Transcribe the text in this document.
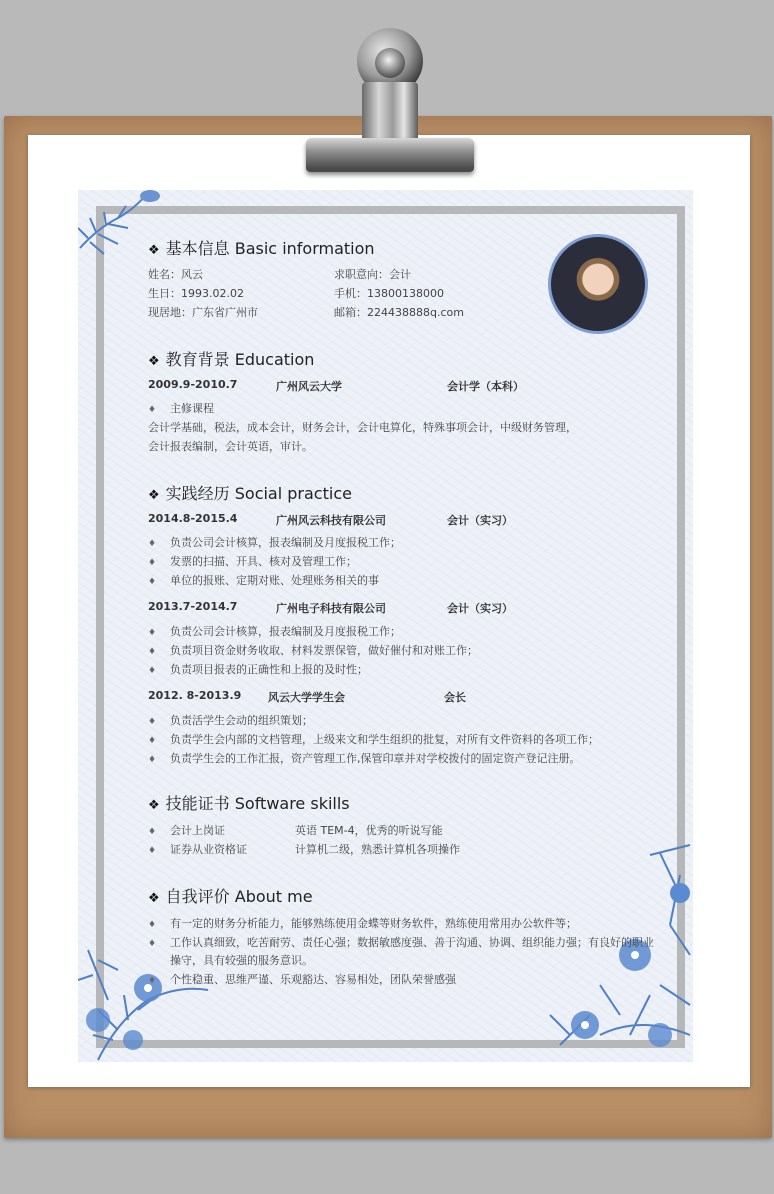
❖ 基本信息 Basic information
姓名：风云	求职意向：会计
生日：1993.02.02	手机：13800138000
现居地：广东省广州市	邮箱：224438888q.com
❖ 教育背景 Education
2009.9-2010.7	广州风云大学	会计学（本科）
♦ 主修课程
会计学基础，税法，成本会计，财务会计，会计电算化，特殊事项会计，中级财务管理，
会计报表编制，会计英语，审计。
❖ 实践经历 Social practice
2014.8-2015.4	广州风云科技有限公司	会计（实习）
♦ 负责公司会计核算，报表编制及月度报税工作；
♦ 发票的扫描、开具、核对及管理工作；
♦ 单位的报账、定期对账、处理账务相关的事
2013.7-2014.7	广州电子科技有限公司	会计（实习）
♦ 负责公司会计核算，报表编制及月度报税工作；
♦ 负责项目资金财务收取、材料发票保管，做好催付和对账工作；
♦ 负责项目报表的正确性和上报的及时性；
2012. 8-2013.9 风云大学学生会	会长
♦ 负责活学生会动的组织策划；
♦ 负责学生会内部的文档管理，上级来文和学生组织的批复，对所有文件资料的各项工作；
♦ 负责学生会的工作汇报，资产管理工作,保管印章并对学校拨付的固定资产登记注册。
❖ 技能证书 Software skills
♦ 会计上岗证	英语 TEM-4，优秀的听说写能
♦ 证券从业资格证	计算机二级，熟悉计算机各项操作
❖ 自我评价 About me
♦ 有一定的财务分析能力，能够熟练使用金蝶等财务软件，熟练使用常用办公软件等；
♦ 工作认真细致，吃苦耐劳、责任心强；数据敏感度强、善于沟通、协调、组织能力强；有良好的职业
操守，具有较强的服务意识。
♦ 个性稳重、思维严谨、乐观豁达、容易相处，团队荣誉感强
